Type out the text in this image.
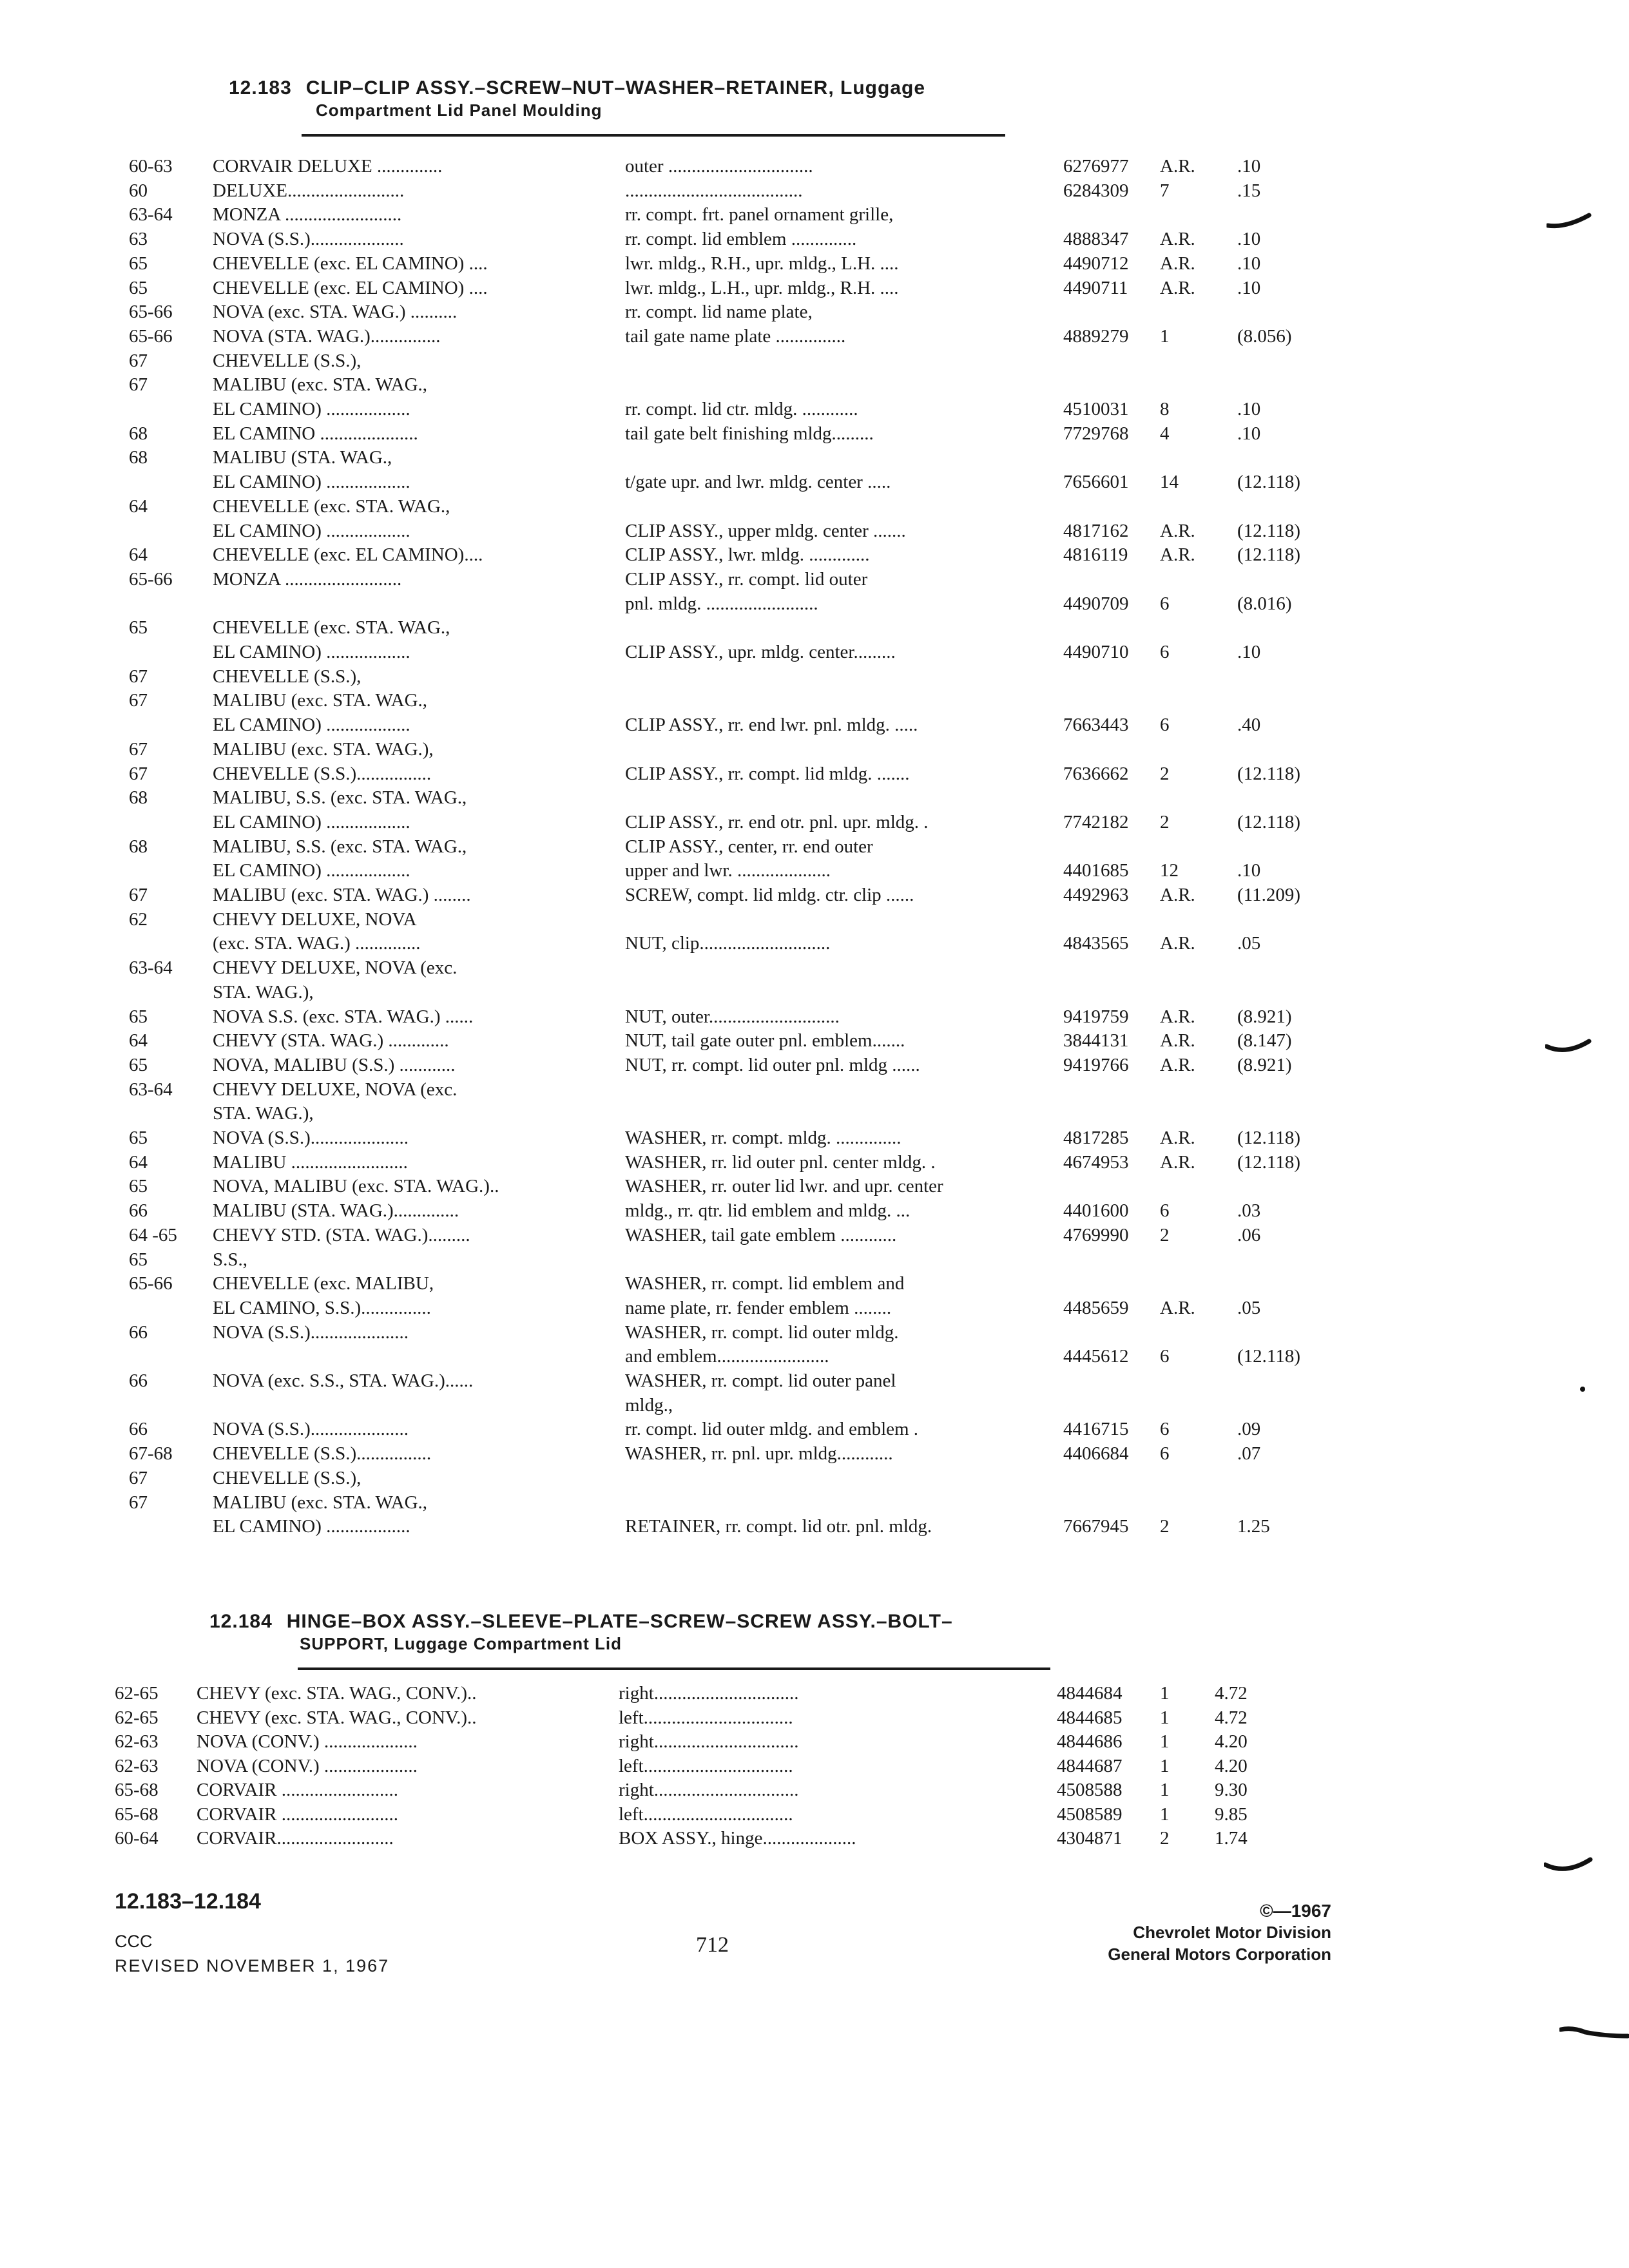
12.183 CLIP–CLIP ASSY.–SCREW–NUT–WASHER–RETAINER, Luggage
Compartment Lid Panel Moulding
60-63 CORVAIR DELUXE ..............	outer ...............................	6276977 A.R. .10
60	DELUXE.........................	......................................	6284309 7	.15
63-64 MONZA .........................	rr. compt. frt. panel ornament grille,
63	NOVA (S.S.)....................	rr. compt. lid emblem ..............	4888347 A.R. .10
65	CHEVELLE (exc. EL CAMINO) ....	lwr. mldg., R.H., upr. mldg., L.H. ....	4490712 A.R. .10
65	CHEVELLE (exc. EL CAMINO) ....	lwr. mldg., L.H., upr. mldg., R.H. ....	4490711 A.R. .10
65-66 NOVA (exc. STA. WAG.) ..........	rr. compt. lid name plate,
65-66 NOVA (STA. WAG.)...............	tail gate name plate ...............	4889279 1	(8.056)
67	CHEVELLE (S.S.),
67	MALIBU (exc. STA. WAG.,
EL CAMINO) ..................	rr. compt. lid ctr. mldg. ............	4510031 8	.10
68	EL CAMINO .....................	tail gate belt finishing mldg.........	7729768 4	.10
68	MALIBU (STA. WAG.,
EL CAMINO) ..................	t/gate upr. and lwr. mldg. center .....	7656601 14	(12.118)
64	CHEVELLE (exc. STA. WAG.,
EL CAMINO) ..................	CLIP ASSY., upper mldg. center .......	4817162 A.R. (12.118)
64	CHEVELLE (exc. EL CAMINO)....	CLIP ASSY., lwr. mldg. .............	4816119 A.R. (12.118)
65-66 MONZA .........................	CLIP ASSY., rr. compt. lid outer
pnl. mldg. ........................	4490709 6	(8.016)
65	CHEVELLE (exc. STA. WAG.,
EL CAMINO) ..................	CLIP ASSY., upr. mldg. center.........	4490710 6	.10
67	CHEVELLE (S.S.),
67	MALIBU (exc. STA. WAG.,
EL CAMINO) ..................	CLIP ASSY., rr. end lwr. pnl. mldg. .....	7663443 6	.40
67	MALIBU (exc. STA. WAG.),
67	CHEVELLE (S.S.)................	CLIP ASSY., rr. compt. lid mldg. .......	7636662 2	(12.118)
68	MALIBU, S.S. (exc. STA. WAG.,
EL CAMINO) ..................	CLIP ASSY., rr. end otr. pnl. upr. mldg. .	7742182 2	(12.118)
68	MALIBU, S.S. (exc. STA. WAG.,	CLIP ASSY., center, rr. end outer
EL CAMINO) ..................	upper and lwr. ....................	4401685 12	.10
67	MALIBU (exc. STA. WAG.) ........	SCREW, compt. lid mldg. ctr. clip ......	4492963 A.R. (11.209)
62	CHEVY DELUXE, NOVA
(exc. STA. WAG.) ..............	NUT, clip............................	4843565 A.R. .05
63-64 CHEVY DELUXE, NOVA (exc.
STA. WAG.),
65	NOVA S.S. (exc. STA. WAG.) ......	NUT, outer............................	9419759 A.R. (8.921)
64	CHEVY (STA. WAG.) .............	NUT, tail gate outer pnl. emblem.......	3844131 A.R. (8.147)
65	NOVA, MALIBU (S.S.) ............	NUT, rr. compt. lid outer pnl. mldg ......	9419766 A.R. (8.921)
63-64 CHEVY DELUXE, NOVA (exc.
STA. WAG.),
65	NOVA (S.S.).....................	WASHER, rr. compt. mldg. ..............	4817285 A.R. (12.118)
64	MALIBU .........................	WASHER, rr. lid outer pnl. center mldg. .	4674953 A.R. (12.118)
65	NOVA, MALIBU (exc. STA. WAG.)..	WASHER, rr. outer lid lwr. and upr. center
66	MALIBU (STA. WAG.)..............	mldg., rr. qtr. lid emblem and mldg. ...	4401600 6	.03
64 -65 CHEVY STD. (STA. WAG.).........	WASHER, tail gate emblem ............	4769990 2	.06
65	S.S.,
65-66 CHEVELLE (exc. MALIBU,	WASHER, rr. compt. lid emblem and
EL CAMINO, S.S.)...............	name plate, rr. fender emblem ........	4485659 A.R. .05
66	NOVA (S.S.).....................	WASHER, rr. compt. lid outer mldg.
and emblem........................	4445612 6	(12.118)
66	NOVA (exc. S.S., STA. WAG.)......	WASHER, rr. compt. lid outer panel
mldg.,
66	NOVA (S.S.).....................	rr. compt. lid outer mldg. and emblem .	4416715 6	.09
67-68 CHEVELLE (S.S.)................	WASHER, rr. pnl. upr. mldg............	4406684 6	.07
67	CHEVELLE (S.S.),
67	MALIBU (exc. STA. WAG.,
EL CAMINO) ..................	RETAINER, rr. compt. lid otr. pnl. mldg.	7667945 2	1.25
12.184 HINGE–BOX ASSY.–SLEEVE–PLATE–SCREW–SCREW ASSY.–BOLT–
SUPPORT, Luggage Compartment Lid
62-65 CHEVY (exc. STA. WAG., CONV.)..	right...............................	4844684 1 4.72
62-65 CHEVY (exc. STA. WAG., CONV.)..	left................................	4844685 1 4.72
62-63 NOVA (CONV.) ....................	right...............................	4844686 1 4.20
62-63 NOVA (CONV.) ....................	left................................	4844687 1 4.20
65-68 CORVAIR .........................	right...............................	4508588 1 9.30
65-68 CORVAIR .........................	left................................	4508589 1 9.85
60-64 CORVAIR.........................	BOX ASSY., hinge....................	4304871 2 1.74
12.183–12.184
CCC
REVISED NOVEMBER 1, 1967
712
©—1967
Chevrolet Motor Division
General Motors Corporation
